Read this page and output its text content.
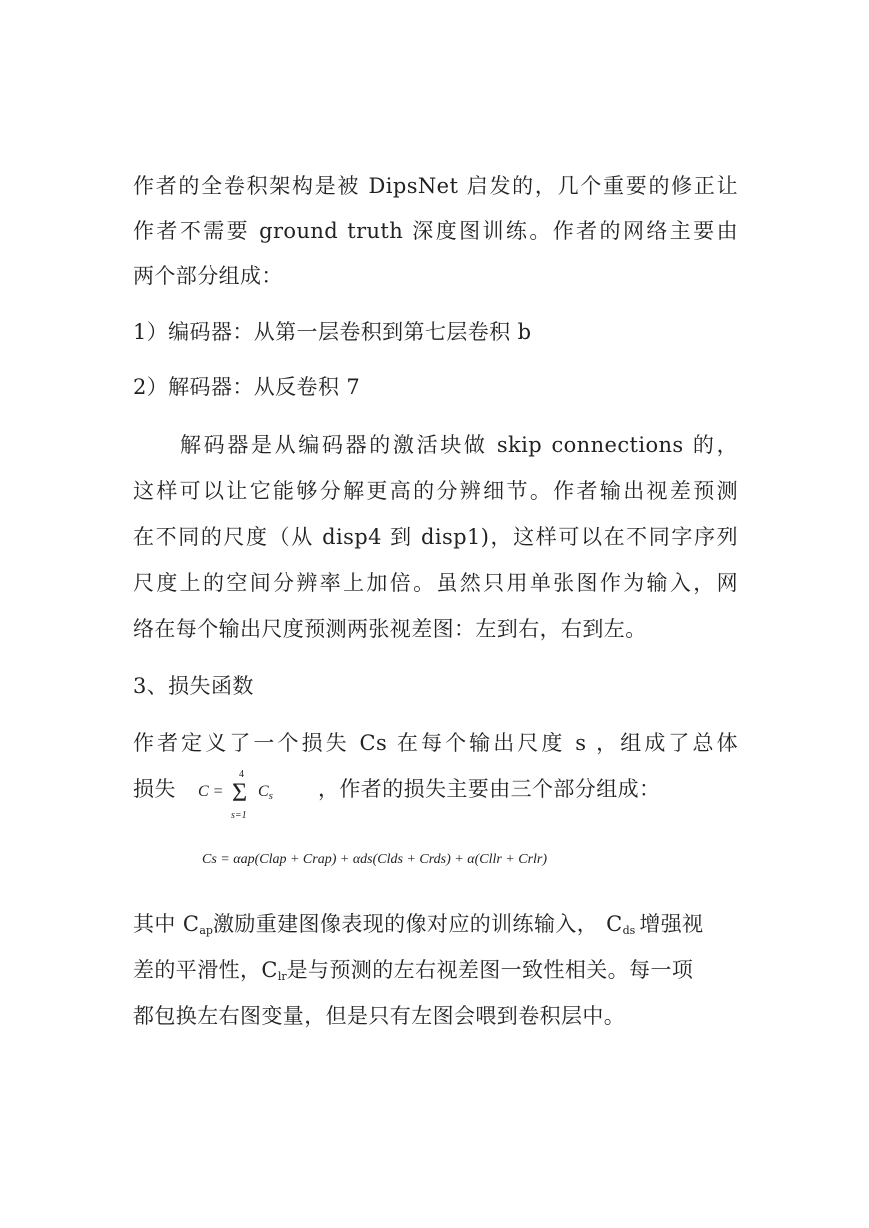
作者的全卷积架构是被 DipsNet 启发的，几个重要的修正让
作者不需要 ground truth 深度图训练。作者的网络主要由
两个部分组成：
1）编码器：从第一层卷积到第七层卷积 b
2）解码器：从反卷积 7
解码器是从编码器的激活块做 skip connections 的，
这样可以让它能够分解更高的分辨细节。作者输出视差预测
在不同的尺度（从 disp4 到 disp1)，这样可以在不同字序列
尺度上的空间分辨率上加倍。虽然只用单张图作为输入，网
络在每个输出尺度预测两张视差图：左到右，右到左。
3、损失函数
作者定义了一个损失 Cs 在每个输出尺度 s ，组成了总体
损失	，作者的损失主要由三个部分组成：
C = Σ
4
s=1
$C_s$
Cs = αap(Clap + Crap) + αds(Clds + Crds) + α(Cllr + Crlr)
其中 $C_{ap}$激励重建图像表现的像对应的训练输入， $C_{ds}$ 增强视
差的平滑性，$C_{lr}$是与预测的左右视差图一致性相关。每一项
都包换左右图变量，但是只有左图会喂到卷积层中。
